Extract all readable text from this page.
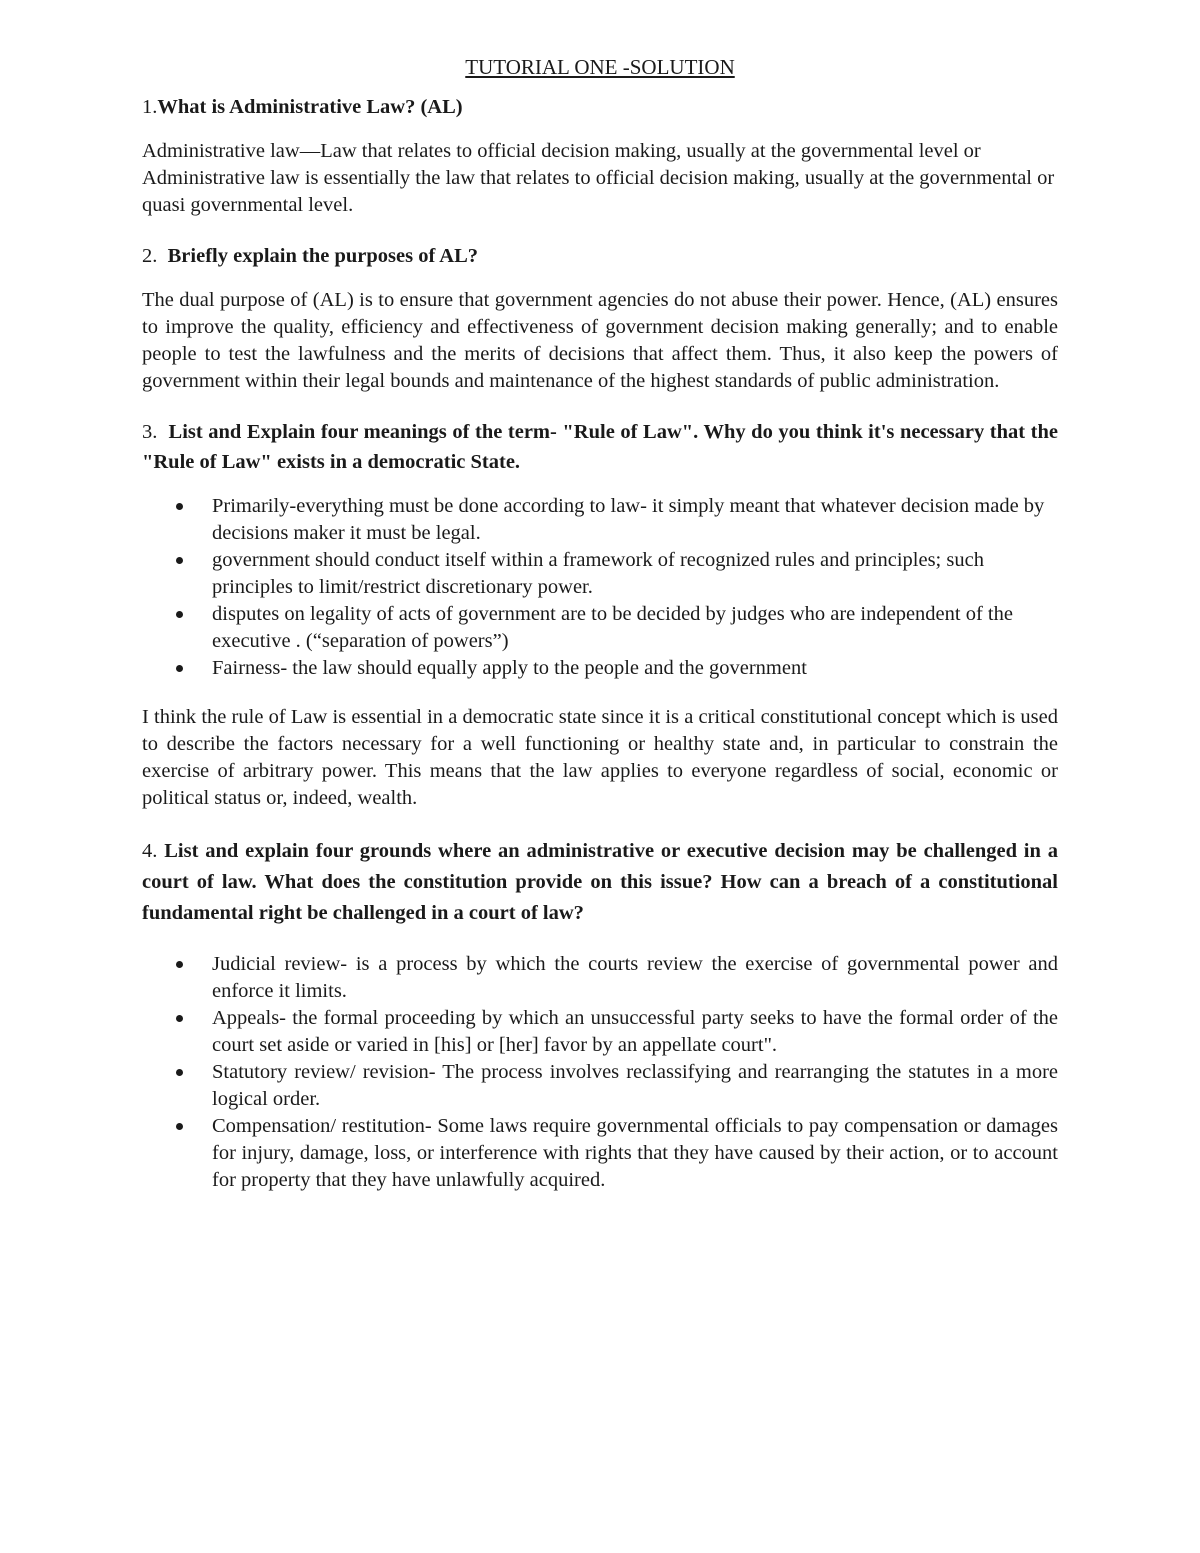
TUTORIAL ONE -SOLUTION
1.What is Administrative Law? (AL)

Administrative law—Law that relates to official decision making, usually at the governmental level or Administrative law is essentially the law that relates to official decision making, usually at the governmental or quasi governmental level.

2. Briefly explain the purposes of AL?

The dual purpose of (AL) is to ensure that government agencies do not abuse their power. Hence, (AL) ensures to improve the quality, efficiency and effectiveness of government decision making generally; and to enable people to test the lawfulness and the merits of decisions that affect them. Thus, it also keep the powers of government within their legal bounds and maintenance of the highest standards of public administration.

3. List and Explain four meanings of the term- "Rule of Law". Why do you think it's necessary that the "Rule of Law" exists in a democratic State.
Primarily-everything must be done according to law- it simply meant that whatever decision made by decisions maker it must be legal.
government should conduct itself within a framework of recognized rules and principles; such principles to limit/restrict discretionary power.
disputes on legality of acts of government are to be decided by judges who are independent of the executive . (“separation of powers”)
Fairness- the law should equally apply to the people and the government

I think the rule of Law is essential in a democratic state since it is a critical constitutional concept which is used to describe the factors necessary for a well functioning or healthy state and, in particular to constrain the exercise of arbitrary power. This means that the law applies to everyone regardless of social, economic or political status or, indeed, wealth.

4. List and explain four grounds where an administrative or executive decision may be challenged in a court of law. What does the constitution provide on this issue? How can a breach of a constitutional fundamental right be challenged in a court of law?
Judicial review- is a process by which the courts review the exercise of governmental power and enforce it limits.
Appeals- the formal proceeding by which an unsuccessful party seeks to have the formal order of the court set aside or varied in [his] or [her] favor by an appellate court".
Statutory review/ revision- The process involves reclassifying and rearranging the statutes in a more logical order.
Compensation/ restitution- Some laws require governmental officials to pay compensation or damages for injury, damage, loss, or interference with rights that they have caused by their action, or to account for property that they have unlawfully acquired.
